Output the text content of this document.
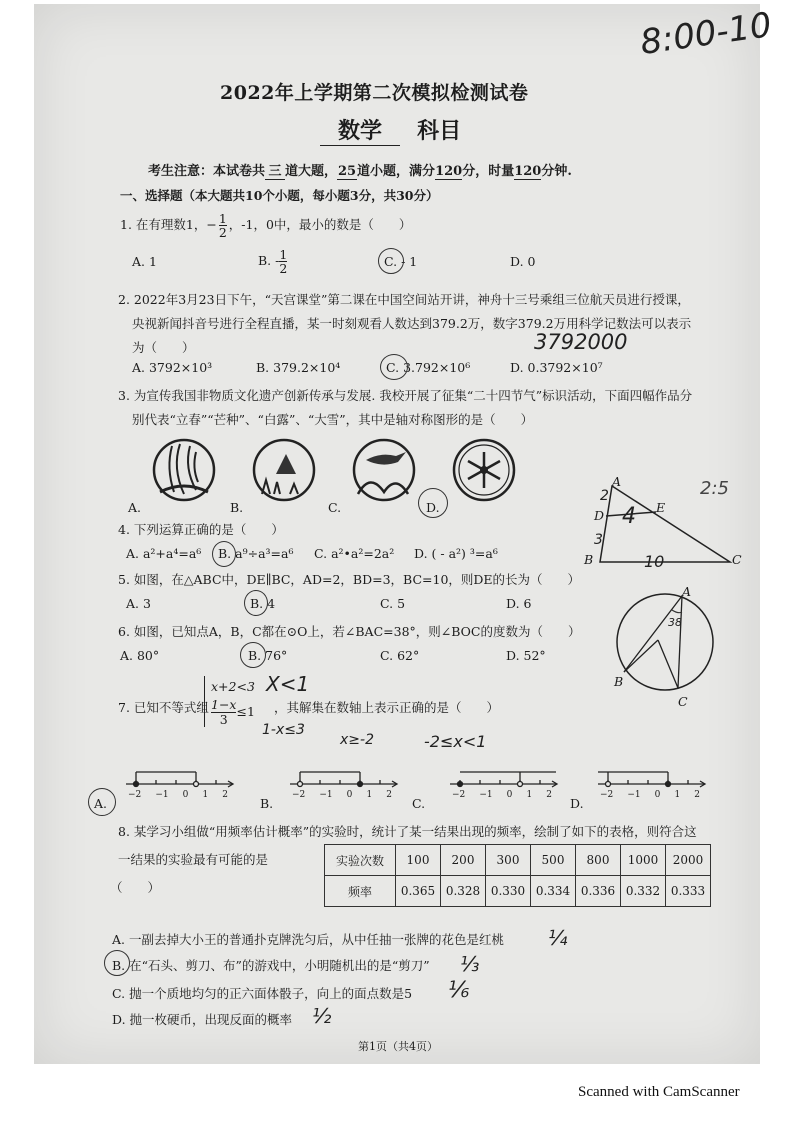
8:00-10
2022年上学期第二次模拟检测试卷
数学 科目
考生注意：本试卷共 三 道大题，25道小题，满分120分，时量120分钟.
一、选择题（本大题共10个小题，每小题3分，共30分）
1. 在有理数1，− $\frac{1}{2}$ ，-1，0中，最小的数是（　　）
A. 1	B. - $\frac{1}{2}$	C. - 1	D. 0
2. 2022年3月23日下午，“天宫课堂”第二课在中国空间站开讲，神舟十三号乘组三位航天员进行授课，
央视新闻抖音号进行全程直播，某一时刻观看人数达到379.2万，数字379.2万用科学记数法可以表示
为（　　）	3792000
A. 3792×10³	B. 379.2×10⁴	C. 3.792×10⁶	D. 0.3792×10⁷
3. 为宣传我国非物质文化遗产创新传承与发展. 我校开展了征集“二十四节气”标识活动，下面四幅作品分
别代表“立春”“芒种”、“白露”、“大雪”，其中是轴对称图形的是（　　）
A.	B.	C.	D.
2:5
A
D
E
B	C
2
3
4
10
4. 下列运算正确的是（　　）
A. a²+a⁴=a⁶ B. a⁹÷a³=a⁶ C. a²•a²=2a² D. ( - a²) ³=a⁶
5. 如图，在△ABC中，DE∥BC，AD=2，BD=3，BC=10，则DE的长为（　　）
A. 3	B. 4	C. 5	D. 6
6. 如图，已知点A，B，C都在⊙O上，若∠BAC=38°，则∠BOC的度数为（　　）
A. 80°	B. 76°	C. 62°	D. 52°
A
B
C
38
7. 已知不等式组
x+2<3
$\frac{1-x}{3} \le 1$ ，其解集在数轴上表示正确的是（　　）
X<1
1-x≤3
x≥-2	-2≤x<1
−2 −1 0 1 2	−2 −1 0 1 2	−2 −1 0 1 2	−2 −1 0 1 2
A.	B.	C.	D.
8. 某学习小组做“用频率估计概率”的实验时，统计了某一结果出现的频率，绘制了如下的表格，则符合这
一结果的实验最有可能的是
（　　）
实验次数	100	200	300	500	800	1000	2000
频率	0.365	0.328	0.330	0.334	0.336	0.332	0.333
A. 一副去掉大小王的普通扑克牌洗匀后，从中任抽一张牌的花色是红桃 ¼
B. 在“石头、剪刀、布”的游戏中，小明随机出的是“剪刀” ⅓
C. 抛一个质地均匀的正六面体骰子，向上的面点数是5 ⅙
D. 抛一枚硬币，出现反面的概率 ½
第1页（共4页）
Scanned with CamScanner
